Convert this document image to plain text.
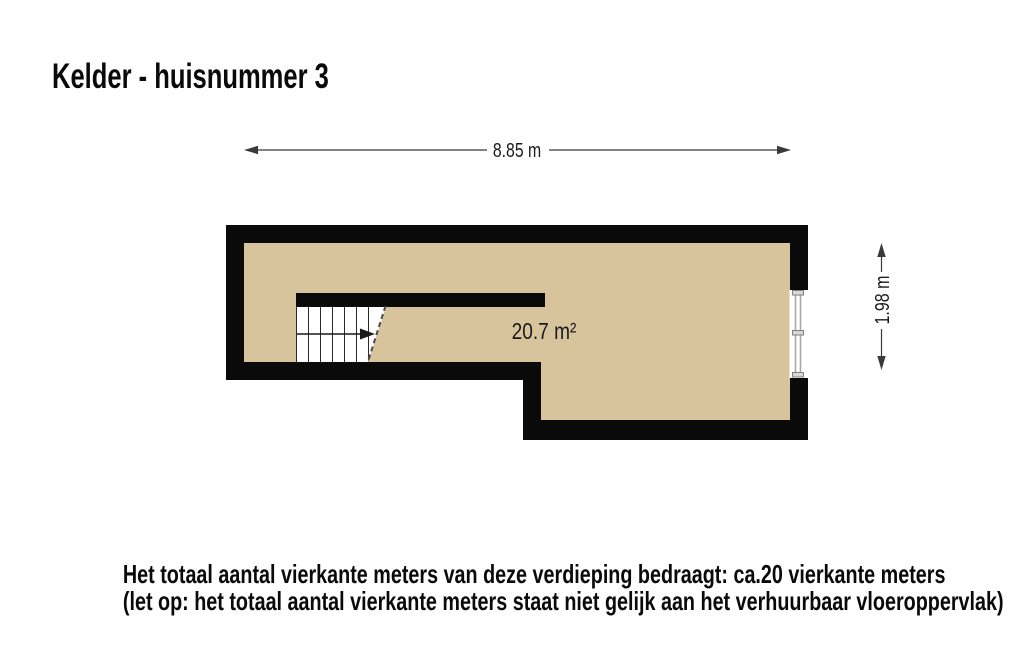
Kelder - huisnummer 3
8.85 m
20.7 m²
1.98 m
Het totaal aantal vierkante meters van deze verdieping bedraagt: ca.20 vierkante meters
(let op: het totaal aantal vierkante meters staat niet gelijk aan het verhuurbaar vloeroppervlak)
